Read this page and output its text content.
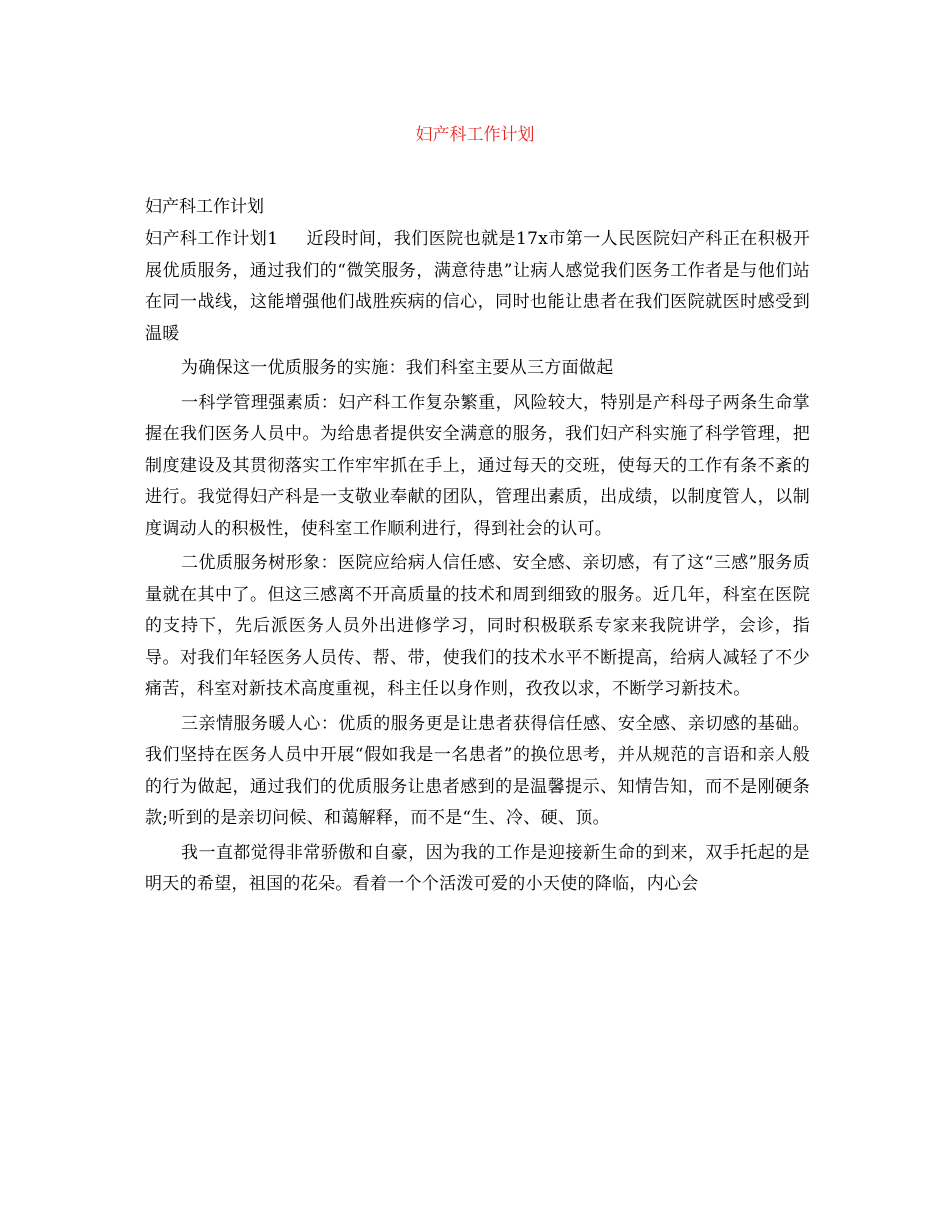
妇产科工作计划

妇产科工作计划

妇产科工作计划1 近段时间，我们医院也就是17x市第一人民医院妇产科正在积极开展优质服务，通过我们的“微笑服务，满意待患”让病人感觉我们医务工作者是与他们站在同一战线，这能增强他们战胜疾病的信心，同时也能让患者在我们医院就医时感受到温暖

为确保这一优质服务的实施：我们科室主要从三方面做起

一科学管理强素质：妇产科工作复杂繁重，风险较大，特别是产科母子两条生命掌握在我们医务人员中。为给患者提供安全满意的服务，我们妇产科实施了科学管理，把制度建设及其贯彻落实工作牢牢抓在手上，通过每天的交班，使每天的工作有条不紊的进行。我觉得妇产科是一支敬业奉献的团队，管理出素质，出成绩，以制度管人，以制度调动人的积极性，使科室工作顺利进行，得到社会的认可。

二优质服务树形象：医院应给病人信任感、安全感、亲切感，有了这“三感”服务质量就在其中了。但这三感离不开高质量的技术和周到细致的服务。近几年，科室在医院的支持下，先后派医务人员外出进修学习，同时积极联系专家来我院讲学，会诊，指导。对我们年轻医务人员传、帮、带，使我们的技术水平不断提高，给病人减轻了不少痛苦，科室对新技术高度重视，科主任以身作则，孜孜以求，不断学习新技术。

三亲情服务暖人心：优质的服务更是让患者获得信任感、安全感、亲切感的基础。我们坚持在医务人员中开展“假如我是一名患者”的换位思考，并从规范的言语和亲人般的行为做起，通过我们的优质服务让患者感到的是温馨提示、知情告知，而不是刚硬条款;听到的是亲切问候、和蔼解释，而不是“生、冷、硬、顶。

我一直都觉得非常骄傲和自豪，因为我的工作是迎接新生命的到来，双手托起的是明天的希望，祖国的花朵。看着一个个活泼可爱的小天使的降临，内心会
